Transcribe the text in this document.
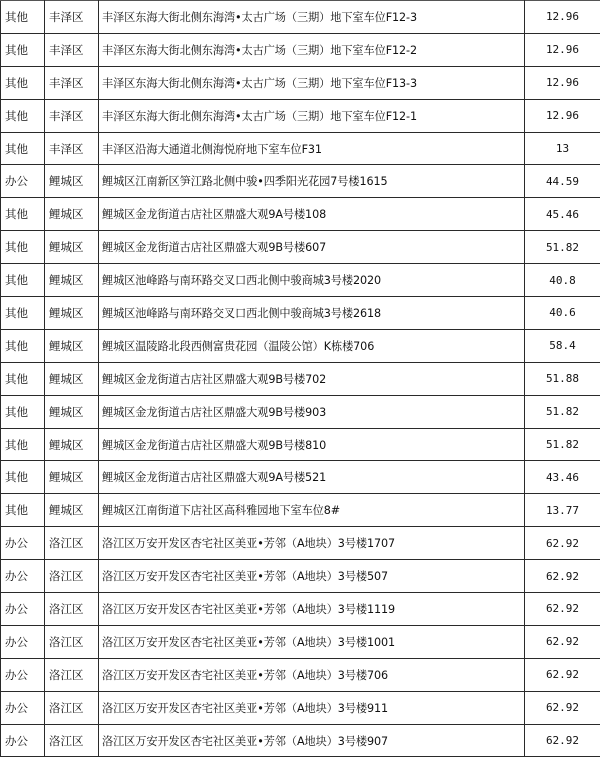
其他	丰泽区	丰泽区东海大街北侧东海湾•太古广场（三期）地下室车位F12-3	12.96
其他	丰泽区	丰泽区东海大街北侧东海湾•太古广场（三期）地下室车位F12-2	12.96
其他	丰泽区	丰泽区东海大街北侧东海湾•太古广场（三期）地下室车位F13-3	12.96
其他	丰泽区	丰泽区东海大街北侧东海湾•太古广场（三期）地下室车位F12-1	12.96
其他	丰泽区	丰泽区沿海大通道北侧海悦府地下室车位F31	13
办公	鲤城区	鲤城区江南新区笋江路北侧中骏•四季阳光花园7号楼1615	44.59
其他	鲤城区	鲤城区金龙街道古店社区鼎盛大观9A号楼108	45.46
其他	鲤城区	鲤城区金龙街道古店社区鼎盛大观9B号楼607	51.82
其他	鲤城区	鲤城区池峰路与南环路交叉口西北侧中骏商城3号楼2020	40.8
其他	鲤城区	鲤城区池峰路与南环路交叉口西北侧中骏商城3号楼2618	40.6
其他	鲤城区	鲤城区温陵路北段西侧富贵花园（温陵公馆）K栋楼706	58.4
其他	鲤城区	鲤城区金龙街道古店社区鼎盛大观9B号楼702	51.88
其他	鲤城区	鲤城区金龙街道古店社区鼎盛大观9B号楼903	51.82
其他	鲤城区	鲤城区金龙街道古店社区鼎盛大观9B号楼810	51.82
其他	鲤城区	鲤城区金龙街道古店社区鼎盛大观9A号楼521	43.46
其他	鲤城区	鲤城区江南街道下店社区高科雅园地下室车位8#	13.77
办公	洛江区	洛江区万安开发区杏宅社区美亚•芳邻（A地块）3号楼1707	62.92
办公	洛江区	洛江区万安开发区杏宅社区美亚•芳邻（A地块）3号楼507	62.92
办公	洛江区	洛江区万安开发区杏宅社区美亚•芳邻（A地块）3号楼1119	62.92
办公	洛江区	洛江区万安开发区杏宅社区美亚•芳邻（A地块）3号楼1001	62.92
办公	洛江区	洛江区万安开发区杏宅社区美亚•芳邻（A地块）3号楼706	62.92
办公	洛江区	洛江区万安开发区杏宅社区美亚•芳邻（A地块）3号楼911	62.92
办公	洛江区	洛江区万安开发区杏宅社区美亚•芳邻（A地块）3号楼907	62.92
